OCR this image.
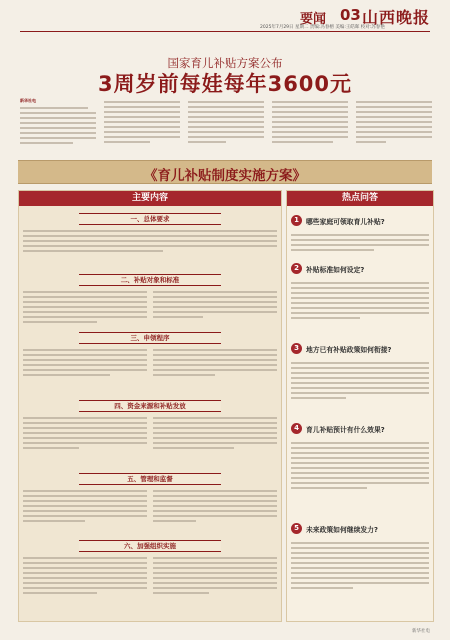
要闻 03 山西晚报
2025年7月29日 星期二 责编:冯春榕 美编:王皓晖 校对:苏春艳
国家育儿补贴方案公布
3周岁前每娃每年3600元
新华社电
《育儿补贴制度实施方案》
主要内容
一、总体要求
二、补贴对象和标准
三、申领程序
四、资金来源和补贴发放
五、管理和监督
六、加强组织实施
热点问答
1	哪些家庭可领取育儿补贴?
2	补贴标准如何设定?
3	地方已有补贴政策如何衔接?
4	育儿补贴预计有什么效果?
5	未来政策如何继续发力?
新华社电
